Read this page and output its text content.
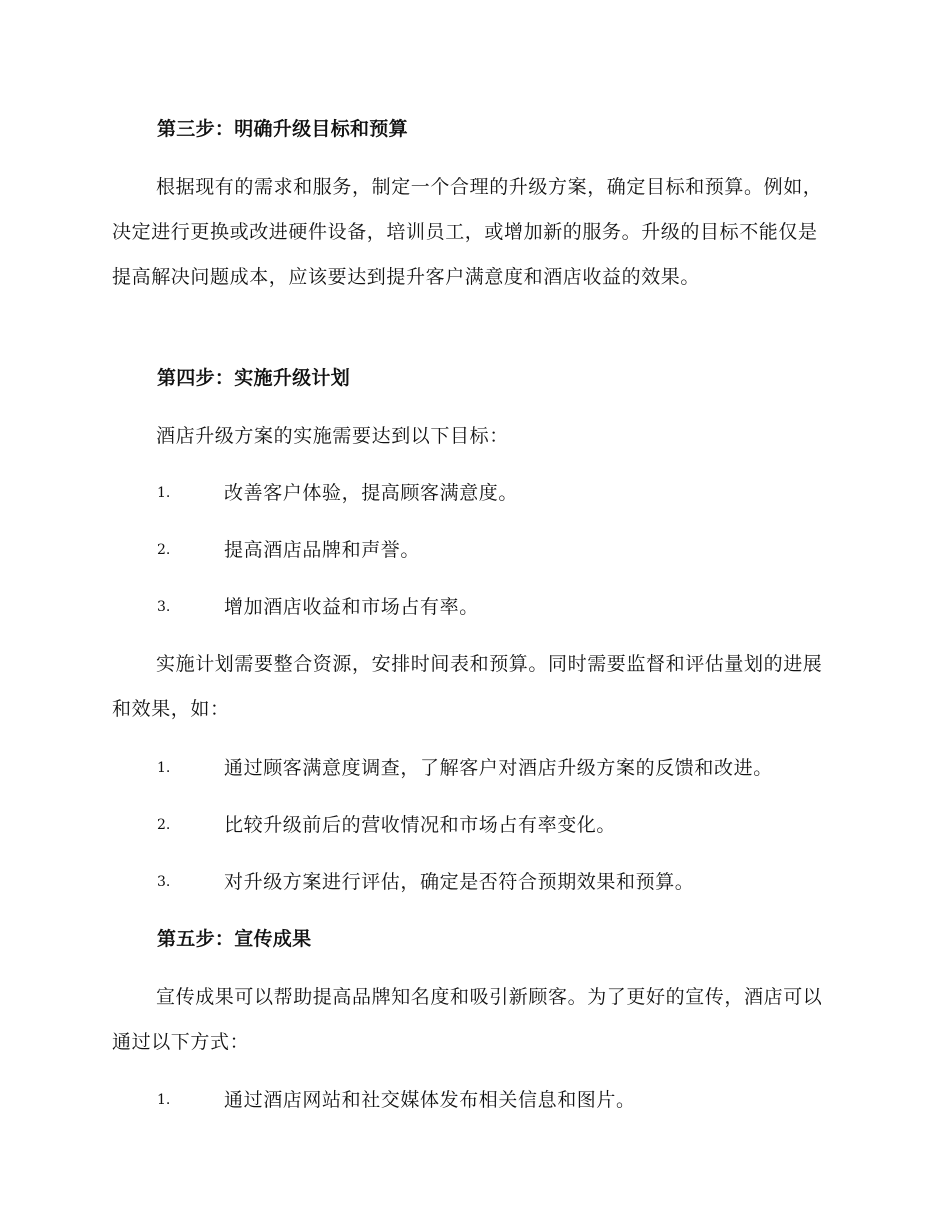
第三步：明确升级目标和预算

根据现有的需求和服务，制定一个合理的升级方案，确定目标和预算。例如，决定进行更换或改进硬件设备，培训员工，或增加新的服务。升级的目标不能仅是提高解决问题成本，应该要达到提升客户满意度和酒店收益的效果。

第四步：实施升级计划

酒店升级方案的实施需要达到以下目标：

1.	改善客户体验，提高顾客满意度。
2.	提高酒店品牌和声誉。
3.	增加酒店收益和市场占有率。

实施计划需要整合资源，安排时间表和预算。同时需要监督和评估量划的进展和效果，如：

1.	通过顾客满意度调查，了解客户对酒店升级方案的反馈和改进。
2.	比较升级前后的营收情况和市场占有率变化。
3.	对升级方案进行评估，确定是否符合预期效果和预算。
第五步：宣传成果

宣传成果可以帮助提高品牌知名度和吸引新顾客。为了更好的宣传，酒店可以通过以下方式：

1.	通过酒店网站和社交媒体发布相关信息和图片。
